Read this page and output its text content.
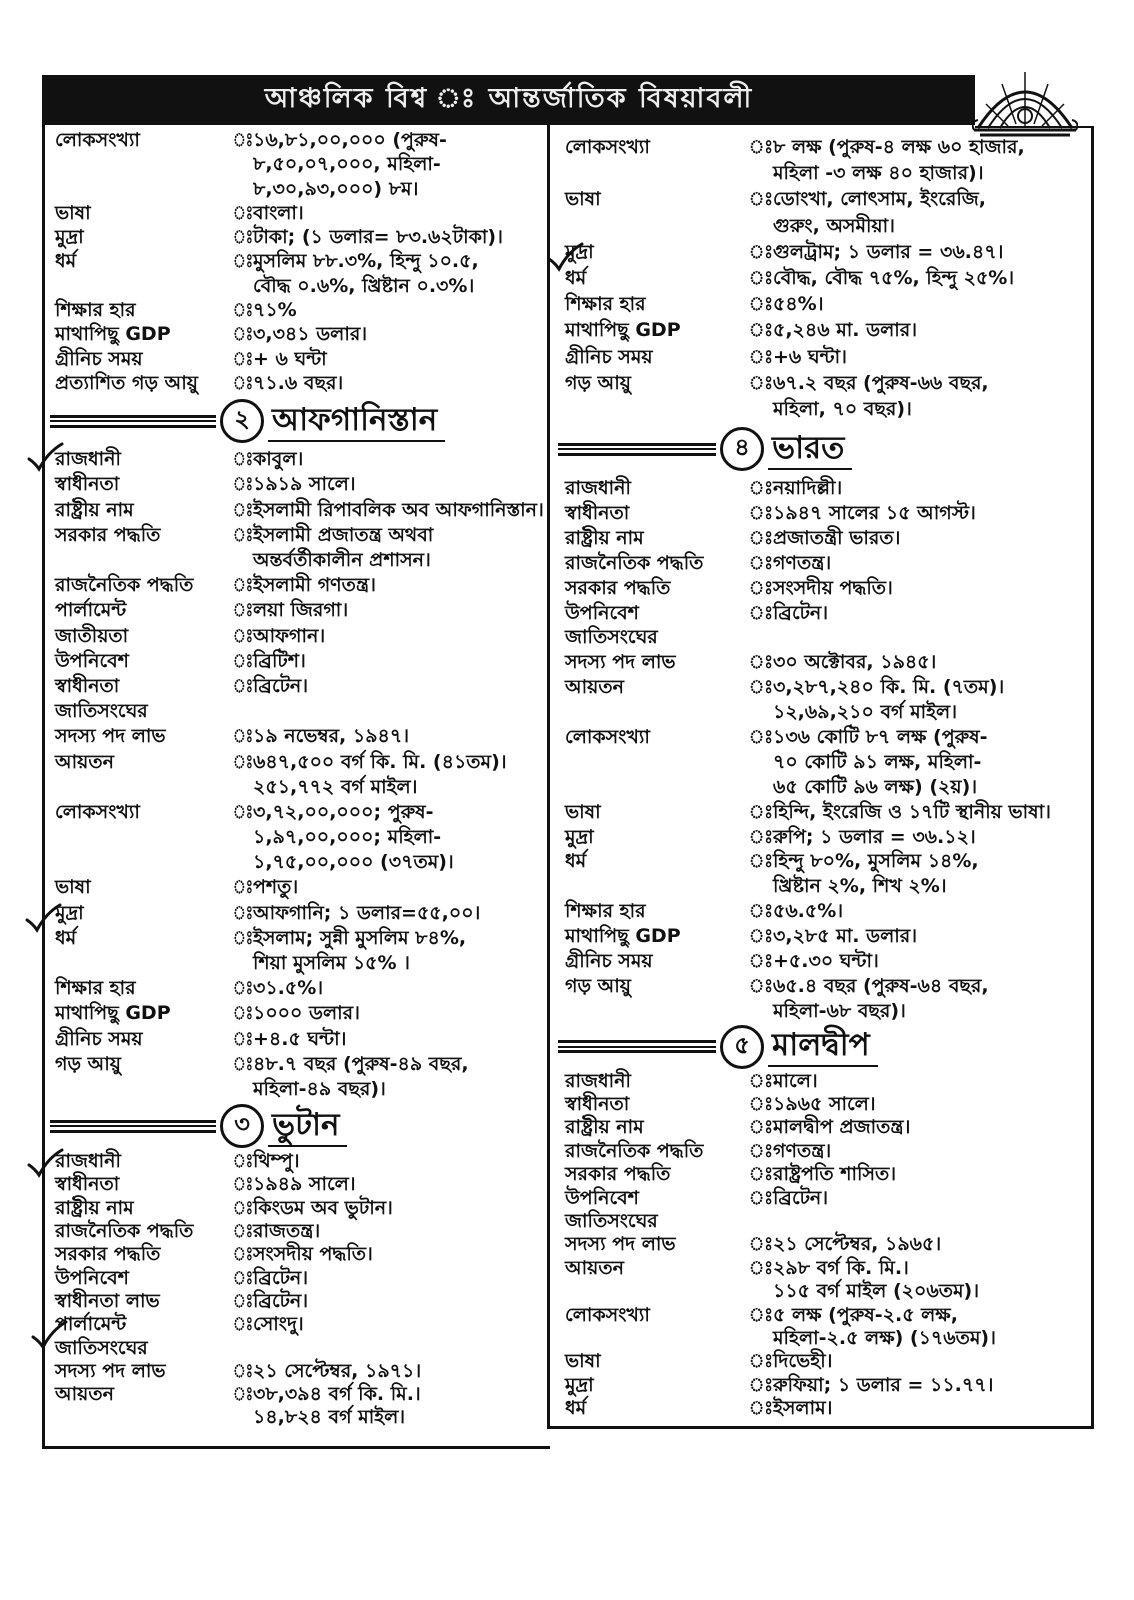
আঞ্চলিক বিশ্ব ঃ আন্তর্জাতিক বিষয়াবলী
লোকসংখ্যা	ঃ ১৬,৮১,০০,০০০ (পুরুষ-
৮,৫০,০৭,০০০, মহিলা-
৮,৩০,৯৩,০০০) ৮ম।
ভাষা	ঃ বাংলা।
মুদ্রা	ঃ টাকা; (১ ডলার= ৮৩.৬২টাকা)।
ধর্ম	ঃ মুসলিম ৮৮.৩%, হিন্দু ১০.৫,
বৌদ্ধ ০.৬%, খ্রিষ্টান ০.৩%।
শিক্ষার হার	ঃ ৭১%
মাথাপিছু GDP	ঃ ৩,৩৪১ ডলার।
গ্রীনিচ সময়	ঃ + ৬ ঘন্টা
প্রত্যাশিত গড় আয়ু	ঃ ৭১.৬ বছর।
২ আফগানিস্তান
রাজধানী	ঃ কাবুল।
স্বাধীনতা	ঃ ১৯১৯ সালে।
রাষ্ট্রীয় নাম	ঃ ইসলামী রিপাবলিক অব আফগানিস্তান।
সরকার পদ্ধতি	ঃ ইসলামী প্রজাতন্ত্র অথবা
অন্তর্বর্তীকালীন প্রশাসন।
রাজনৈতিক পদ্ধতি	ঃ ইসলামী গণতন্ত্র।
পার্লামেন্ট	ঃ লয়া জিরগা।
জাতীয়তা	ঃ আফগান।
উপনিবেশ	ঃ ব্রিটিশ।
স্বাধীনতা	ঃ ব্রিটেন।
জাতিসংঘের
সদস্য পদ লাভ	ঃ ১৯ নভেম্বর, ১৯৪৭।
আয়তন	ঃ ৬৪৭,৫০০ বর্গ কি. মি. (৪১তম)।
২৫১,৭৭২ বর্গ মাইল।
লোকসংখ্যা	ঃ ৩,৭২,০০,০০০; পুরুষ-
১,৯৭,০০,০০০; মহিলা-
১,৭৫,০০,০০০ (৩৭তম)।
ভাষা	ঃ পশতু।
মুদ্রা	ঃ আফগানি; ১ ডলার=৫৫,০০।
ধর্ম	ঃ ইসলাম; সুন্নী মুসলিম ৮৪%,
শিয়া মুসলিম ১৫% ।
শিক্ষার হার	ঃ ৩১.৫%।
মাথাপিছু GDP	ঃ ১০০০ ডলার।
গ্রীনিচ সময়	ঃ +৪.৫ ঘন্টা।
গড় আয়ু	ঃ ৪৮.৭ বছর (পুরুষ-৪৯ বছর,
মহিলা-৪৯ বছর)।
৩ ভুটান
রাজধানী	ঃ থিম্পু।
স্বাধীনতা	ঃ ১৯৪৯ সালে।
রাষ্ট্রীয় নাম	ঃ কিংডম অব ভুটান।
রাজনৈতিক পদ্ধতি	ঃ রাজতন্ত্র।
সরকার পদ্ধতি	ঃ সংসদীয় পদ্ধতি।
উপনিবেশ	ঃ ব্রিটেন।
স্বাধীনতা লাভ	ঃ ব্রিটেন।
পার্লামেন্ট	ঃ সোংদু।
জাতিসংঘের
সদস্য পদ লাভ	ঃ ২১ সেপ্টেম্বর, ১৯৭১।
আয়তন	ঃ ৩৮,৩৯৪ বর্গ কি. মি.।
১৪,৮২৪ বর্গ মাইল।
লোকসংখ্যা	ঃ ৮ লক্ষ (পুরুষ-৪ লক্ষ ৬০ হাজার,
মহিলা -৩ লক্ষ ৪০ হাজার)।
ভাষা	ঃ ডোংখা, লোৎসাম, ইংরেজি,
গুরুং, অসমীয়া।
মুদ্রা	ঃ গুলট্রাম; ১ ডলার = ৩৬.৪৭।
ধর্ম	ঃ বৌদ্ধ, বৌদ্ধ ৭৫%, হিন্দু ২৫%।
শিক্ষার হার	ঃ ৫৪%।
মাথাপিছু GDP	ঃ ৫,২৪৬ মা. ডলার।
গ্রীনিচ সময়	ঃ +৬ ঘন্টা।
গড় আয়ু	ঃ ৬৭.২ বছর (পুরুষ-৬৬ বছর,
মহিলা, ৭০ বছর)।
৪ ভারত
রাজধানী	ঃ নয়াদিল্লী।
স্বাধীনতা	ঃ ১৯৪৭ সালের ১৫ আগস্ট।
রাষ্ট্রীয় নাম	ঃ প্রজাতন্ত্রী ভারত।
রাজনৈতিক পদ্ধতি	ঃ গণতন্ত্র।
সরকার পদ্ধতি	ঃ সংসদীয় পদ্ধতি।
উপনিবেশ	ঃ ব্রিটেন।
জাতিসংঘের
সদস্য পদ লাভ	ঃ ৩০ অক্টোবর, ১৯৪৫।
আয়তন	ঃ ৩,২৮৭,২৪০ কি. মি. (৭তম)।
১২,৬৯,২১০ বর্গ মাইল।
লোকসংখ্যা	ঃ ১৩৬ কোটি ৮৭ লক্ষ (পুরুষ-
৭০ কোটি ৯১ লক্ষ, মহিলা-
৬৫ কোটি ৯৬ লক্ষ) (২য়)।
ভাষা	ঃ হিন্দি, ইংরেজি ও ১৭টি স্থানীয় ভাষা।
মুদ্রা	ঃ রুপি; ১ ডলার = ৩৬.১২।
ধর্ম	ঃ হিন্দু ৮০%, মুসলিম ১৪%,
খ্রিষ্টান ২%, শিখ ২%।
শিক্ষার হার	ঃ ৫৬.৫%।
মাথাপিছু GDP	ঃ ৩,২৮৫ মা. ডলার।
গ্রীনিচ সময়	ঃ +৫.৩০ ঘন্টা।
গড় আয়ু	ঃ ৬৫.৪ বছর (পুরুষ-৬৪ বছর,
মহিলা-৬৮ বছর)।
৫ মালদ্বীপ
রাজধানী	ঃ মালে।
স্বাধীনতা	ঃ ১৯৬৫ সালে।
রাষ্ট্রীয় নাম	ঃ মালদ্বীপ প্রজাতন্ত্র।
রাজনৈতিক পদ্ধতি	ঃ গণতন্ত্র।
সরকার পদ্ধতি	ঃ রাষ্ট্রপতি শাসিত।
উপনিবেশ	ঃ ব্রিটেন।
জাতিসংঘের
সদস্য পদ লাভ	ঃ ২১ সেপ্টেম্বর, ১৯৬৫।
আয়তন	ঃ ২৯৮ বর্গ কি. মি.।
১১৫ বর্গ মাইল (২০৬তম)।
লোকসংখ্যা	ঃ ৫ লক্ষ (পুরুষ-২.৫ লক্ষ,
মহিলা-২.৫ লক্ষ) (১৭৬তম)।
ভাষা	ঃ দিভেহী।
মুদ্রা	ঃ রুফিয়া; ১ ডলার = ১১.৭৭।
ধর্ম	ঃ ইসলাম।
